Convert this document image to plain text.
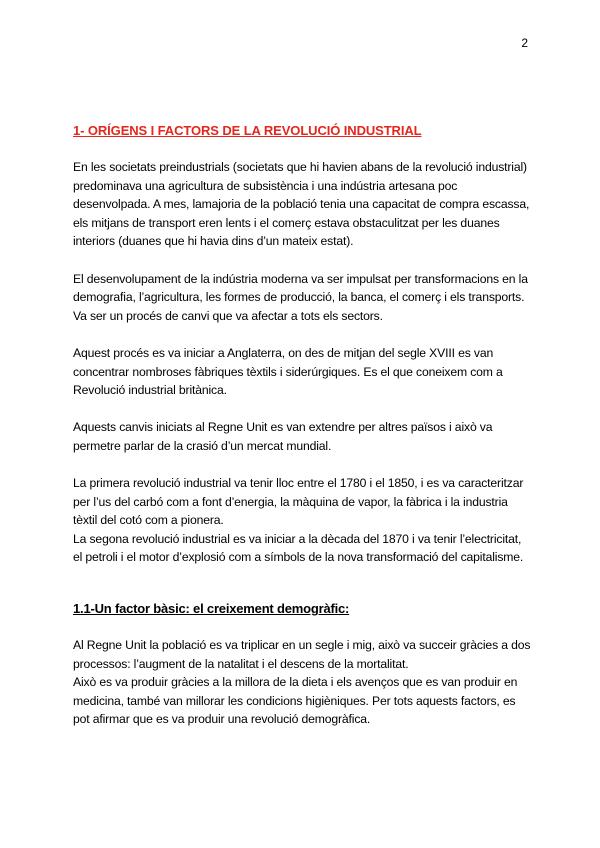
2
1- ORÍGENS I FACTORS DE LA REVOLUCIÓ INDUSTRIAL

En les societats preindustrials (societats que hi havien abans de la revolució industrial) predominava una agricultura de subsistència i una indústria artesana poc desenvolpada. A mes, lamajoria de la població tenia una capacitat de compra escassa, els mitjans de transport eren lents i el comerç estava obstaculitzat per les duanes interiors (duanes que hi havia dins d’un mateix estat).

El desenvolupament de la indústria moderna va ser impulsat per transformacions en la demografia, l’agricultura, les formes de producció, la banca, el comerç i els transports. Va ser un procés de canvi que va afectar a tots els sectors.

Aquest procés es va iniciar a Anglaterra, on des de mitjan del segle XVIII es van concentrar nombroses fàbriques tèxtils i siderúrgiques. Es el que coneixem com a Revolució industrial britànica.

Aquests canvis iniciats al Regne Unit es van extendre per altres països i això va permetre parlar de la crasió d’un mercat mundial.

La primera revolució industrial va tenir lloc entre el 1780 i el 1850, i es va caracteritzar per l’us del carbó com a font d’energia, la màquina de vapor, la fàbrica i la industria tèxtil del cotó com a pionera.

La segona revolució industrial es va iniciar a la dècada del 1870 i va tenir l’electricitat, el petroli i el motor d’explosió com a símbols de la nova transformació del capitalisme.

1.1-Un factor bàsic: el creixement demogràfic:

Al Regne Unit la població es va triplicar en un segle i mig, això va succeir gràcies a dos processos: l’augment de la natalitat i el descens de la mortalitat.

Això es va produir gràcies a la millora de la dieta i els avenços que es van produir en medicina, també van millorar les condicions higièniques. Per tots aquests factors, es pot afirmar que es va produir una revolució demogràfica.
